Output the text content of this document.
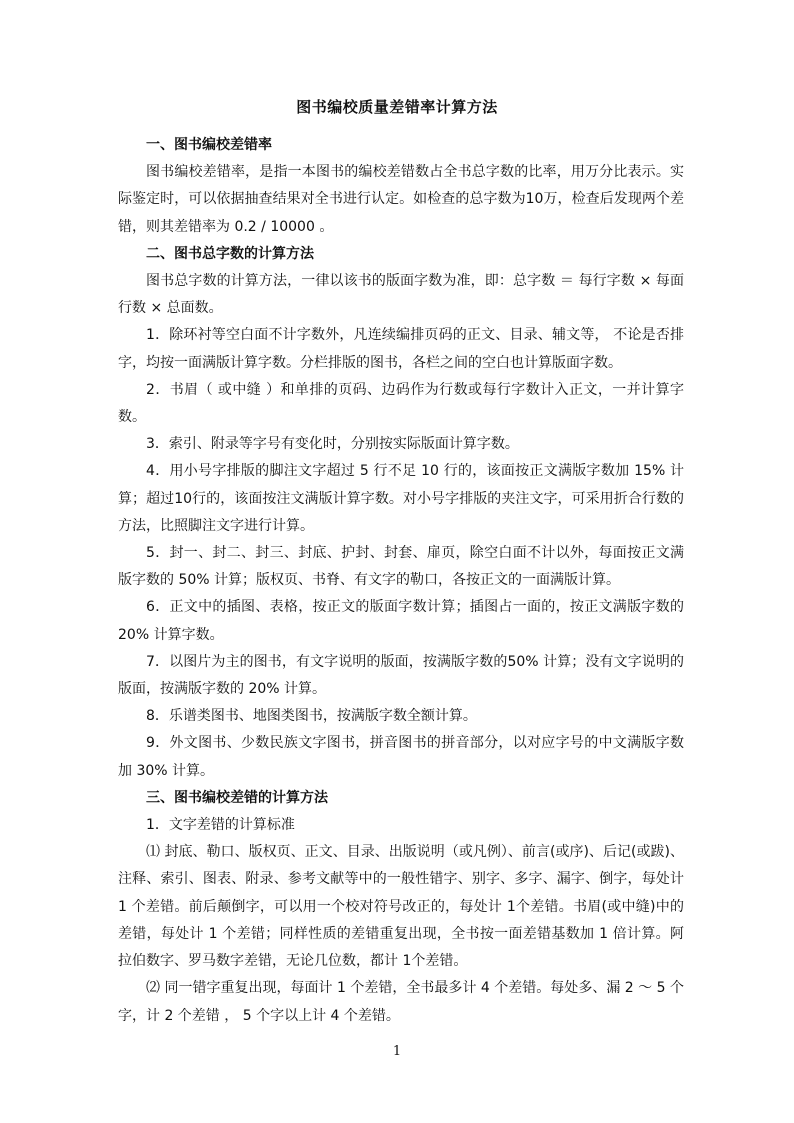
图书编校质量差错率计算方法

一、图书编校差错率

图书编校差错率，是指一本图书的编校差错数占全书总字数的比率，用万分比表示。实际鉴定时，可以依据抽查结果对全书进行认定。如检查的总字数为10万，检查后发现两个差错，则其差错率为 0.2 / 10000 。

二、图书总字数的计算方法

图书总字数的计算方法，一律以该书的版面字数为准，即：总字数 ＝ 每行字数 × 每面行数 × 总面数。

1．除环衬等空白面不计字数外，凡连续编排页码的正文、目录、辅文等， 不论是否排字，均按一面满版计算字数。分栏排版的图书，各栏之间的空白也计算版面字数。

2．书眉（ 或中缝 ）和单排的页码、边码作为行数或每行字数计入正文，一并计算字数。

3．索引、附录等字号有变化时，分别按实际版面计算字数。

4．用小号字排版的脚注文字超过 5 行不足 10 行的，该面按正文满版字数加 15% 计算；超过10行的，该面按注文满版计算字数。对小号字排版的夹注文字，可采用折合行数的方法，比照脚注文字进行计算。

5．封一、封二、封三、封底、护封、封套、扉页，除空白面不计以外，每面按正文满版字数的 50% 计算；版权页、书脊、有文字的勒口，各按正文的一面满版计算。

6．正文中的插图、表格，按正文的版面字数计算；插图占一面的，按正文满版字数的20% 计算字数。

7．以图片为主的图书，有文字说明的版面，按满版字数的50% 计算；没有文字说明的版面，按满版字数的 20% 计算。

8．乐谱类图书、地图类图书，按满版字数全额计算。

9．外文图书、少数民族文字图书，拼音图书的拼音部分，以对应字号的中文满版字数加 30% 计算。

三、图书编校差错的计算方法

1．文字差错的计算标准

⑴ 封底、勒口、版权页、正文、目录、出版说明（或凡例）、前言(或序)、后记(或跋)、注释、索引、图表、附录、参考文献等中的一般性错字、别字、多字、漏字、倒字，每处计 1 个差错。前后颠倒字，可以用一个校对符号改正的，每处计 1个差错。书眉(或中缝)中的差错，每处计 1 个差错；同样性质的差错重复出现，全书按一面差错基数加 1 倍计算。阿拉伯数字、罗马数字差错，无论几位数，都计 1个差错。

⑵ 同一错字重复出现，每面计 1 个差错，全书最多计 4 个差错。每处多、漏 2 ～ 5 个字，计 2 个差错 ， 5 个字以上计 4 个差错。

1
